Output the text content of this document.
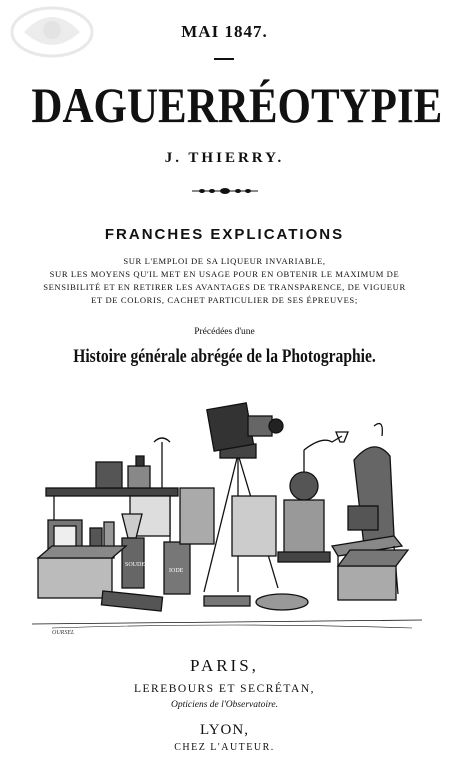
MAI 1847.
DAGUERRÉOTYPIE
J. THIERRY.
FRANCHES EXPLICATIONS
SUR L'EMPLOI DE SA LIQUEUR INVARIABLE,
SUR LES MOYENS QU'IL MET EN USAGE POUR EN OBTENIR LE MAXIMUM DE
SENSIBILITÉ ET EN RETIRER LES AVANTAGES DE TRANSPARENCE, DE VIGUEUR
ET DE COLORIS, CACHET PARTICULIER DE SES ÉPREUVES;
Précédées d'une
Histoire générale abrégée de la Photographie.
SOUDE
IODE
OURSEL
PARIS,
LEREBOURS ET SECRÉTAN,
Opticiens de l'Observatoire.
LYON,
CHEZ L'AUTEUR.
